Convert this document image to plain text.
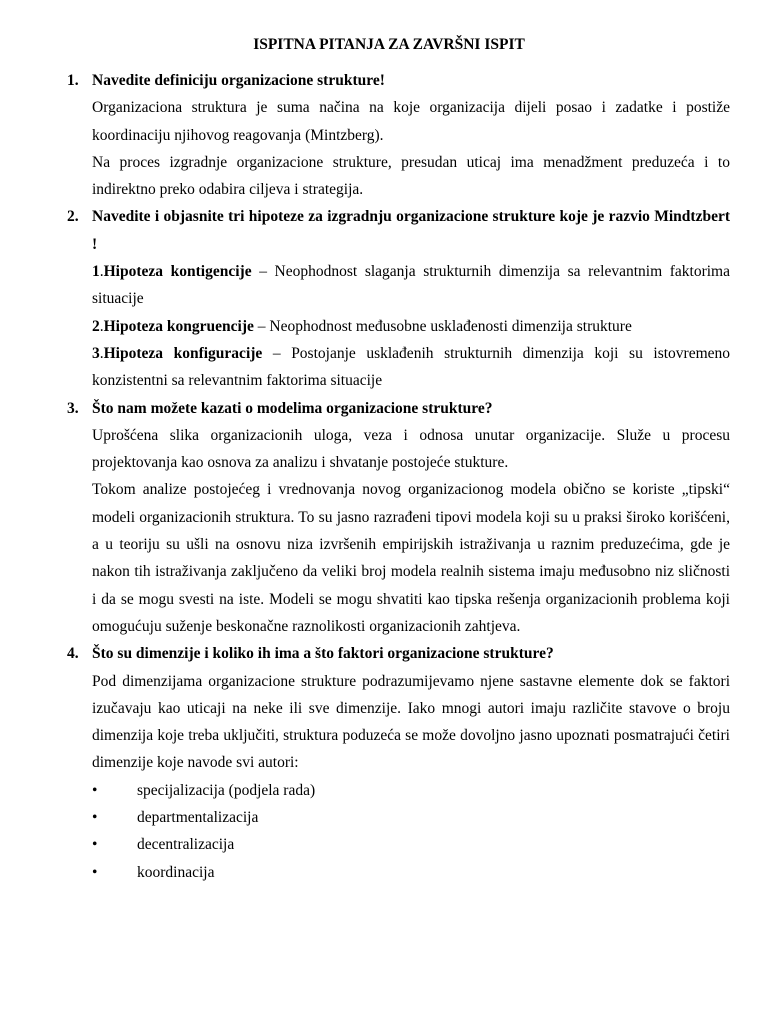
ISPITNA PITANJA ZA ZAVRŠNI ISPIT
1. Navedite definiciju organizacione strukture!
Organizaciona struktura je suma načina na koje organizacija dijeli posao i zadatke i postiže koordinaciju njihovog reagovanja (Mintzberg).
Na proces izgradnje organizacione strukture, presudan uticaj ima menadžment preduzeća i to indirektno preko odabira ciljeva i strategija.
2. Navedite i objasnite tri hipoteze za izgradnju organizacione strukture koje je razvio Mindtzbert !
1.Hipoteza kontigencije – Neophodnost slaganja strukturnih dimenzija sa relevantnim faktorima situacije
2.Hipoteza kongruencije – Neophodnost međusobne usklađenosti dimenzija strukture
3.Hipoteza konfiguracije – Postojanje usklađenih strukturnih dimenzija koji su istovremeno konzistentni sa relevantnim faktorima situacije
3. Što nam možete kazati o modelima organizacione strukture?
Uprošćena slika organizacionih uloga, veza i odnosa unutar organizacije. Služe u procesu projektovanja kao osnova za analizu i shvatanje postojeće stukture.
Tokom analize postojećeg i vrednovanja novog organizacionog modela obično se koriste „tipski“ modeli organizacionih struktura. To su jasno razrađeni tipovi modela koji su u praksi široko korišćeni, a u teoriju su ušli na osnovu niza izvršenih empirijskih istraživanja u raznim preduzećima, gde je nakon tih istraživanja zaključeno da veliki broj modela realnih sistema imaju međusobno niz sličnosti i da se mogu svesti na iste. Modeli se mogu shvatiti kao tipska rešenja organizacionih problema koji omogućuju suženje beskonačne raznolikosti organizacionih zahtjeva.
4. Što su dimenzije i koliko ih ima a što faktori organizacione strukture?
Pod dimenzijama organizacione strukture podrazumijevamo njene sastavne elemente dok se faktori izučavaju kao uticaji na neke ili sve dimenzije. Iako mnogi autori imaju različite stavove o broju dimenzija koje treba uključiti, struktura poduzeća se može dovoljno jasno upoznati posmatrajući četiri dimenzije koje navode svi autori:
•	specijalizacija (podjela rada)
•	departmentalizacija
•	decentralizacija
•	koordinacija
